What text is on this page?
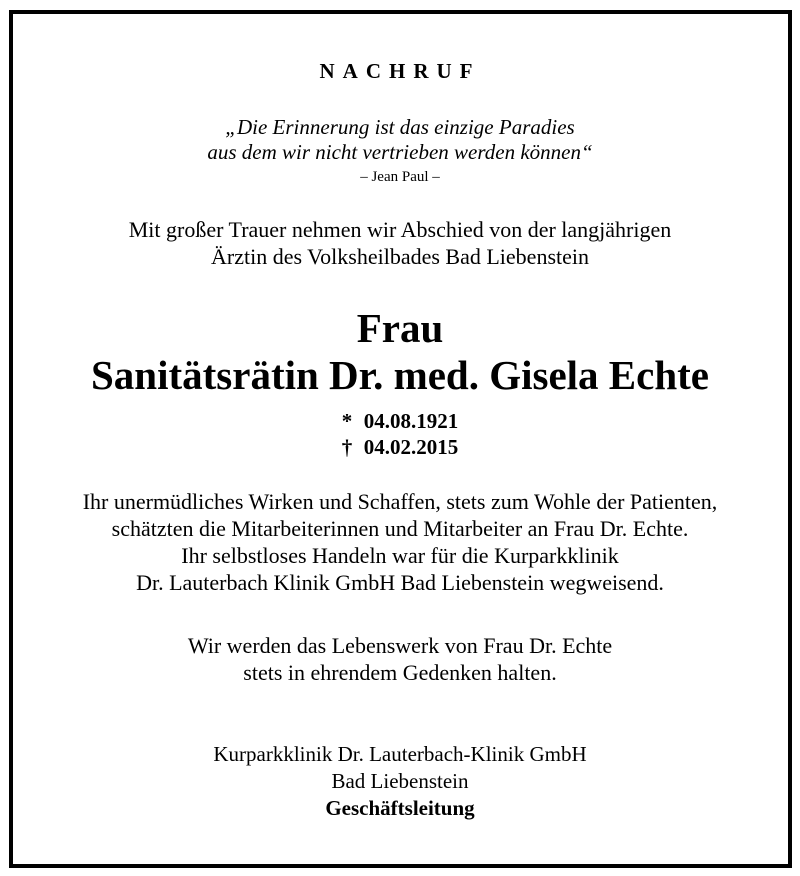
NACHRUF
„Die Erinnerung ist das einzige Paradies
aus dem wir nicht vertrieben werden können“
– Jean Paul –
Mit großer Trauer nehmen wir Abschied von der langjährigen
Ärztin des Volksheilbades Bad Liebenstein
Frau
Sanitätsrätin Dr. med. Gisela Echte
* 04.08.1921
† 04.02.2015
Ihr unermüdliches Wirken und Schaffen, stets zum Wohle der Patienten,
schätzten die Mitarbeiterinnen und Mitarbeiter an Frau Dr. Echte.
Ihr selbstloses Handeln war für die Kurparkklinik
Dr. Lauterbach Klinik GmbH Bad Liebenstein wegweisend.
Wir werden das Lebenswerk von Frau Dr. Echte
stets in ehrendem Gedenken halten.
Kurparkklinik Dr. Lauterbach-Klinik GmbH
Bad Liebenstein
Geschäftsleitung
